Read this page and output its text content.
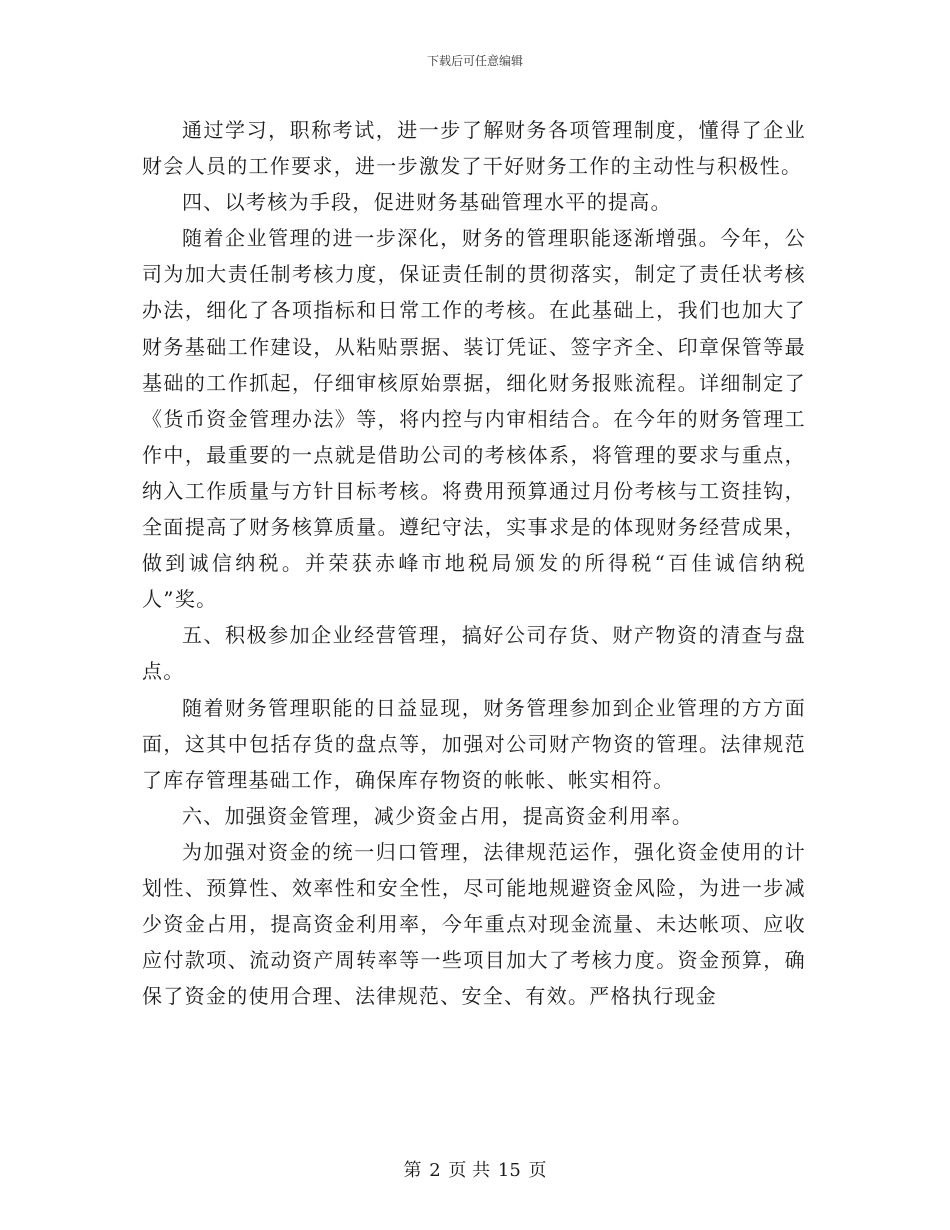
下载后可任意编辑

通过学习，职称考试，进一步了解财务各项管理制度，懂得了企业财会人员的工作要求，进一步激发了干好财务工作的主动性与积极性。

四、以考核为手段，促进财务基础管理水平的提高。

随着企业管理的进一步深化，财务的管理职能逐渐增强。今年，公司为加大责任制考核力度，保证责任制的贯彻落实，制定了责任状考核办法，细化了各项指标和日常工作的考核。在此基础上，我们也加大了财务基础工作建设，从粘贴票据、装订凭证、签字齐全、印章保管等最基础的工作抓起，仔细审核原始票据，细化财务报账流程。详细制定了《货币资金管理办法》等，将内控与内审相结合。在今年的财务管理工作中，最重要的一点就是借助公司的考核体系，将管理的要求与重点，纳入工作质量与方针目标考核。将费用预算通过月份考核与工资挂钩，全面提高了财务核算质量。遵纪守法，实事求是的体现财务经营成果，做到诚信纳税。并荣获赤峰市地税局颁发的所得税“百佳诚信纳税人”奖。

五、积极参加企业经营管理，搞好公司存货、财产物资的清查与盘点。

随着财务管理职能的日益显现，财务管理参加到企业管理的方方面面，这其中包括存货的盘点等，加强对公司财产物资的管理。法律规范了库存管理基础工作，确保库存物资的帐帐、帐实相符。

六、加强资金管理，减少资金占用，提高资金利用率。

为加强对资金的统一归口管理，法律规范运作，强化资金使用的计划性、预算性、效率性和安全性，尽可能地规避资金风险，为进一步减少资金占用，提高资金利用率，今年重点对现金流量、未达帐项、应收应付款项、流动资产周转率等一些项目加大了考核力度。资金预算，确保了资金的使用合理、法律规范、安全、有效。严格执行现金

第 2 页 共 15 页
